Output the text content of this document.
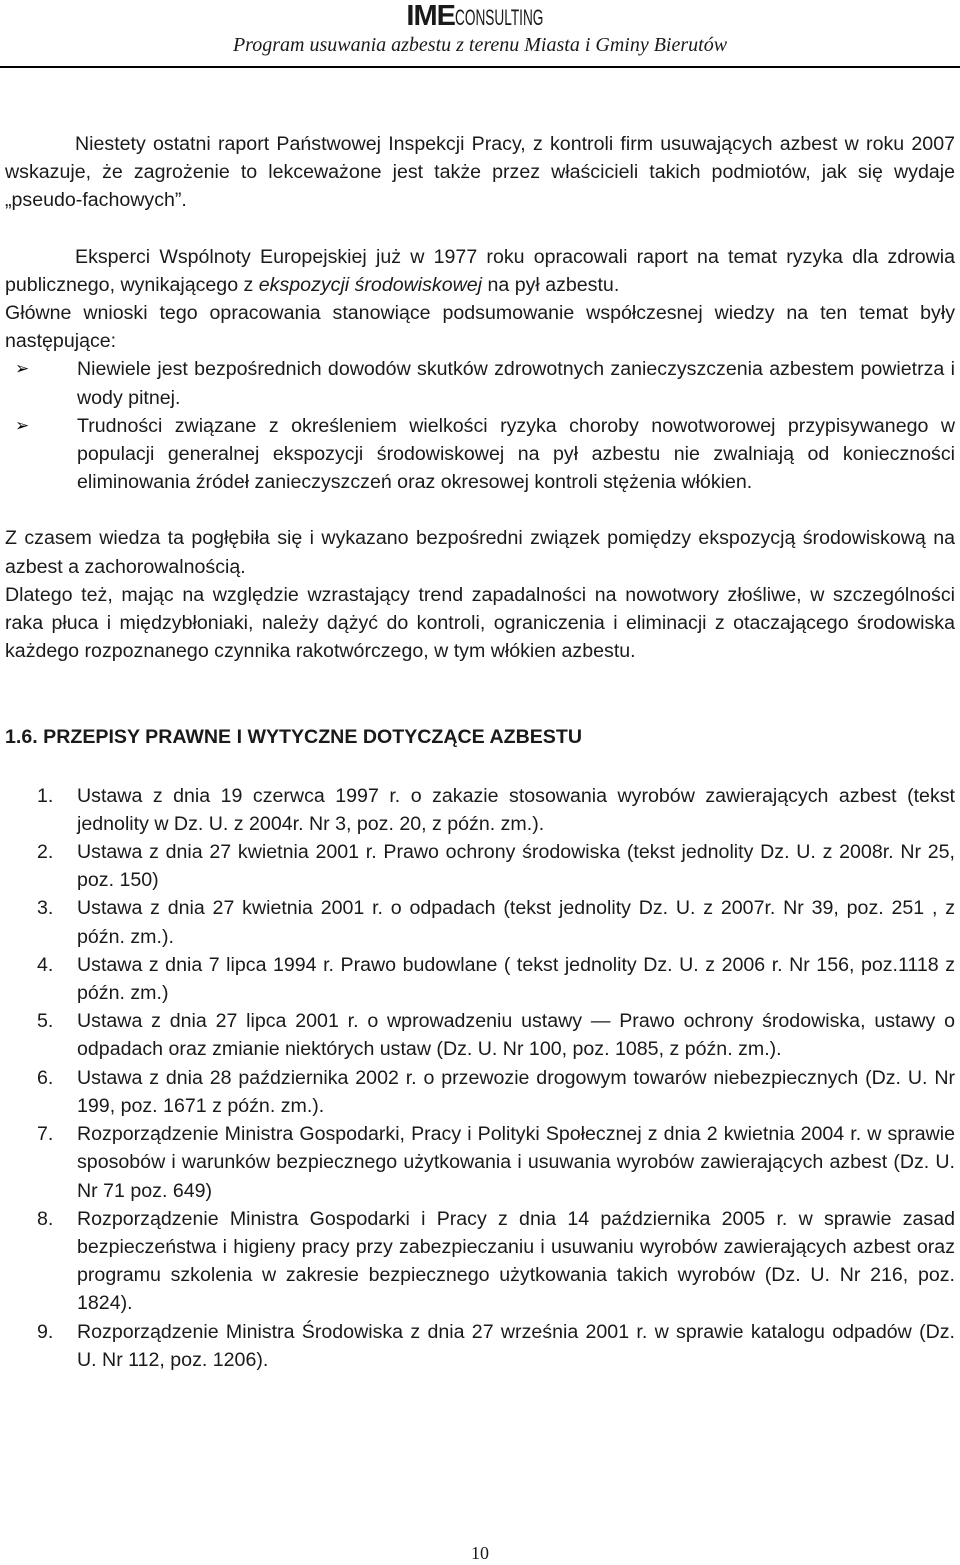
IMECONSULTING
Program usuwania azbestu z terenu Miasta i Gminy Bierutów

Niestety ostatni raport Państwowej Inspekcji Pracy, z kontroli firm usuwających azbest w roku 2007 wskazuje, że zagrożenie to lekceważone jest także przez właścicieli takich podmiotów, jak się wydaje „pseudo-fachowych”.

Eksperci Wspólnoty Europejskiej już w 1977 roku opracowali raport na temat ryzyka dla zdrowia publicznego, wynikającego z ekspozycji środowiskowej na pył azbestu.

Główne wnioski tego opracowania stanowiące podsumowanie współczesnej wiedzy na ten temat były następujące:

➢ Niewiele jest bezpośrednich dowodów skutków zdrowotnych zanieczyszczenia azbestem powietrza i wody pitnej.
➢ Trudności związane z określeniem wielkości ryzyka choroby nowotworowej przypisywanego w populacji generalnej ekspozycji środowiskowej na pył azbestu nie zwalniają od konieczności eliminowania źródeł zanieczyszczeń oraz okresowej kontroli stężenia włókien.

Z czasem wiedza ta pogłębiła się i wykazano bezpośredni związek pomiędzy ekspozycją środowiskową na azbest a zachorowalnością.

Dlatego też, mając na względzie wzrastający trend zapadalności na nowotwory złośliwe, w szczególności raka płuca i międzybłoniaki, należy dążyć do kontroli, ograniczenia i eliminacji z otaczającego środowiska każdego rozpoznanego czynnika rakotwórczego, w tym włókien azbestu.

1.6. PRZEPISY PRAWNE I WYTYCZNE DOTYCZĄCE AZBESTU

1. Ustawa z dnia 19 czerwca 1997 r. o zakazie stosowania wyrobów zawierających azbest (tekst jednolity w Dz. U. z 2004r. Nr 3, poz. 20, z późn. zm.).
2. Ustawa z dnia 27 kwietnia 2001 r. Prawo ochrony środowiska (tekst jednolity Dz. U. z 2008r. Nr 25, poz. 150)
3. Ustawa z dnia 27 kwietnia 2001 r. o odpadach (tekst jednolity Dz. U. z 2007r. Nr 39, poz. 251 , z późn. zm.).
4. Ustawa z dnia 7 lipca 1994 r. Prawo budowlane ( tekst jednolity Dz. U. z 2006 r. Nr 156, poz.1118 z późn. zm.)
5. Ustawa z dnia 27 lipca 2001 r. o wprowadzeniu ustawy — Prawo ochrony środowiska, ustawy o odpadach oraz zmianie niektórych ustaw (Dz. U. Nr 100, poz. 1085, z późn. zm.).
6. Ustawa z dnia 28 października 2002 r. o przewozie drogowym towarów niebezpiecznych (Dz. U. Nr 199, poz. 1671 z późn. zm.).
7. Rozporządzenie Ministra Gospodarki, Pracy i Polityki Społecznej z dnia 2 kwietnia 2004 r. w sprawie sposobów i warunków bezpiecznego użytkowania i usuwania wyrobów zawierających azbest (Dz. U. Nr 71 poz. 649)
8. Rozporządzenie Ministra Gospodarki i Pracy z dnia 14 października 2005 r. w sprawie zasad bezpieczeństwa i higieny pracy przy zabezpieczaniu i usuwaniu wyrobów zawierających azbest oraz programu szkolenia w zakresie bezpiecznego użytkowania takich wyrobów (Dz. U. Nr 216, poz. 1824).
9. Rozporządzenie Ministra Środowiska z dnia 27 września 2001 r. w sprawie katalogu odpadów (Dz. U. Nr 112, poz. 1206).
10
